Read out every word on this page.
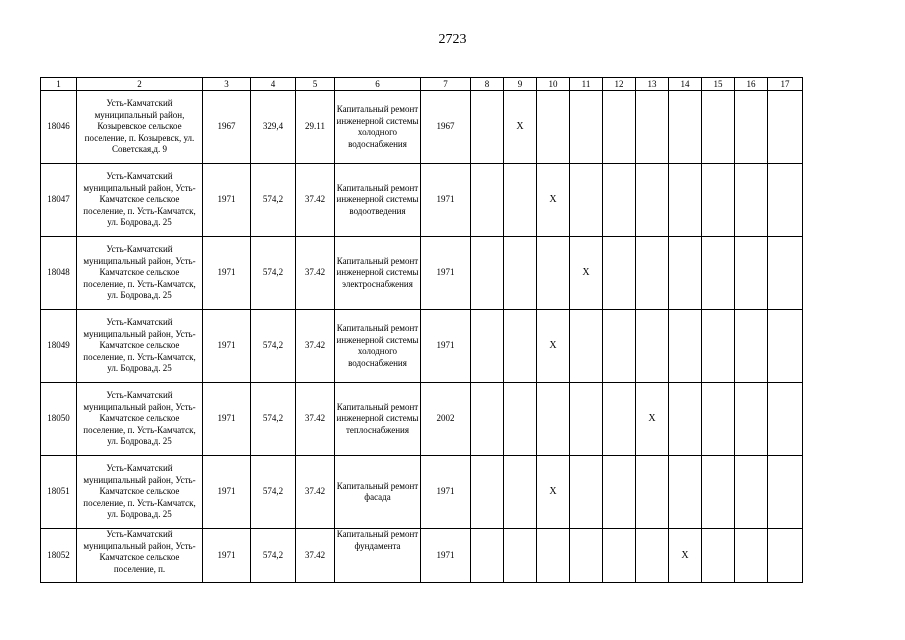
2723
1	2	3	4	5	6	7	8	9	10	11	12	13	14	15	16	17
18046	Усть-Камчатский муниципальный район, Козыревское сельское поселение, п. Козыревск, ул. Советская,д. 9	1967	329,4	29.11	Капитальный ремонт инженерной системы холодного водоснабжения	1967		X								
18047	Усть-Камчатский муниципальный район, Усть-Камчатское сельское поселение, п. Усть-Камчатск, ул. Бодрова,д. 25	1971	574,2	37.42	Капитальный ремонт инженерной системы водоотведения	1971			X							
18048	Усть-Камчатский муниципальный район, Усть-Камчатское сельское поселение, п. Усть-Камчатск, ул. Бодрова,д. 25	1971	574,2	37.42	Капитальный ремонт инженерной системы электроснабжения	1971				X						
18049	Усть-Камчатский муниципальный район, Усть-Камчатское сельское поселение, п. Усть-Камчатск, ул. Бодрова,д. 25	1971	574,2	37.42	Капитальный ремонт инженерной системы холодного водоснабжения	1971			X							
18050	Усть-Камчатский муниципальный район, Усть-Камчатское сельское поселение, п. Усть-Камчатск, ул. Бодрова,д. 25	1971	574,2	37.42	Капитальный ремонт инженерной системы теплоснабжения	2002						X				
18051	Усть-Камчатский муниципальный район, Усть-Камчатское сельское поселение, п. Усть-Камчатск, ул. Бодрова,д. 25	1971	574,2	37.42	Капитальный ремонт фасада	1971			X							
18052	Усть-Камчатский муниципальный район, Усть-Камчатское сельское поселение, п.	1971	574,2	37.42	Капитальный ремонт фундамента	1971							X			
